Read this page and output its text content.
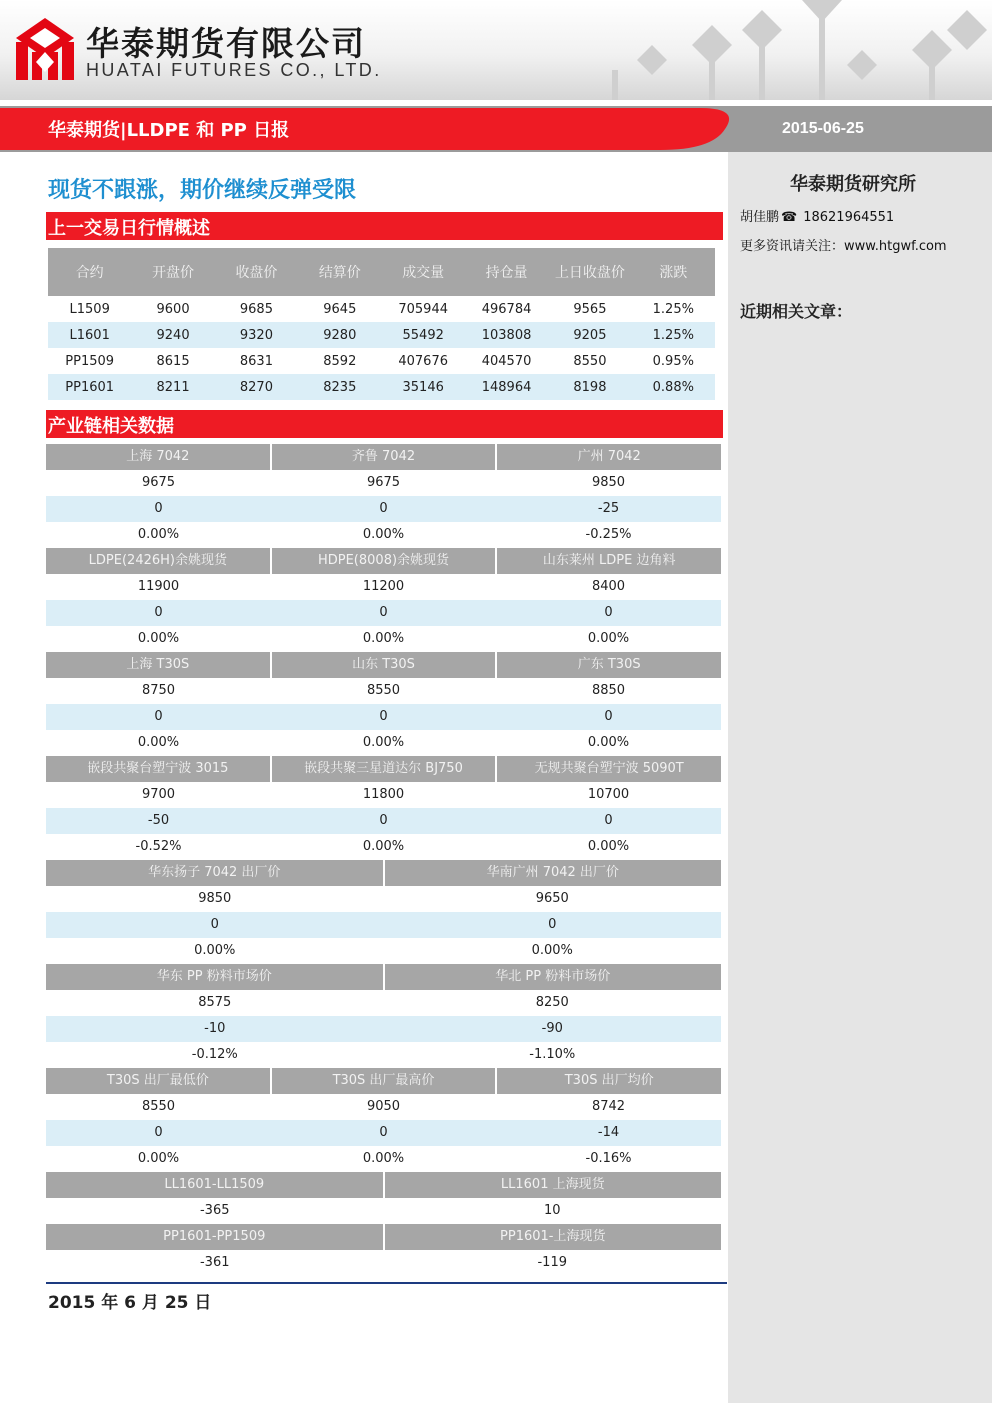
华泰期货有限公司
HUATAI FUTURES CO., LTD.
华泰期货|LLDPE 和 PP 日报	2015-06-25
华泰期货研究所
胡佳鹏 ☎ 18621964551
更多资讯请关注：www.htgwf.com
近期相关文章：
现货不跟涨，期价继续反弹受限
上一交易日行情概述
合约	开盘价	收盘价	结算价	成交量	持仓量	上日收盘价	涨跌
L1509	9600	9685	9645	705944	496784	9565	1.25%
L1601	9240	9320	9280	55492	103808	9205	1.25%
PP1509	8615	8631	8592	407676	404570	8550	0.95%
PP1601	8211	8270	8235	35146	148964	8198	0.88%
产业链相关数据
上海 7042	齐鲁 7042	广州 7042
9675	9675	9850
0	0	-25
0.00%	0.00%	-0.25%
LDPE(2426H)余姚现货	HDPE(8008)余姚现货	山东莱州 LDPE 边角料
11900	11200	8400
0	0	0
0.00%	0.00%	0.00%
上海 T30S	山东 T30S	广东 T30S
8750	8550	8850
0	0	0
0.00%	0.00%	0.00%
嵌段共聚台塑宁波 3015	嵌段共聚三星道达尔 BJ750	无规共聚台塑宁波 5090T
9700	11800	10700
-50	0	0
-0.52%	0.00%	0.00%
华东扬子 7042 出厂价	华南广州 7042 出厂价
9850	9650
0	0
0.00%	0.00%
华东 PP 粉料市场价	华北 PP 粉料市场价
8575	8250
-10	-90
-0.12%	-1.10%
T30S 出厂最低价	T30S 出厂最高价	T30S 出厂均价
8550	9050	8742
0	0	-14
0.00%	0.00%	-0.16%
LL1601-LL1509	LL1601 上海现货
-365	10
PP1601-PP1509	PP1601-上海现货
-361	-119
2015 年 6 月 25 日
